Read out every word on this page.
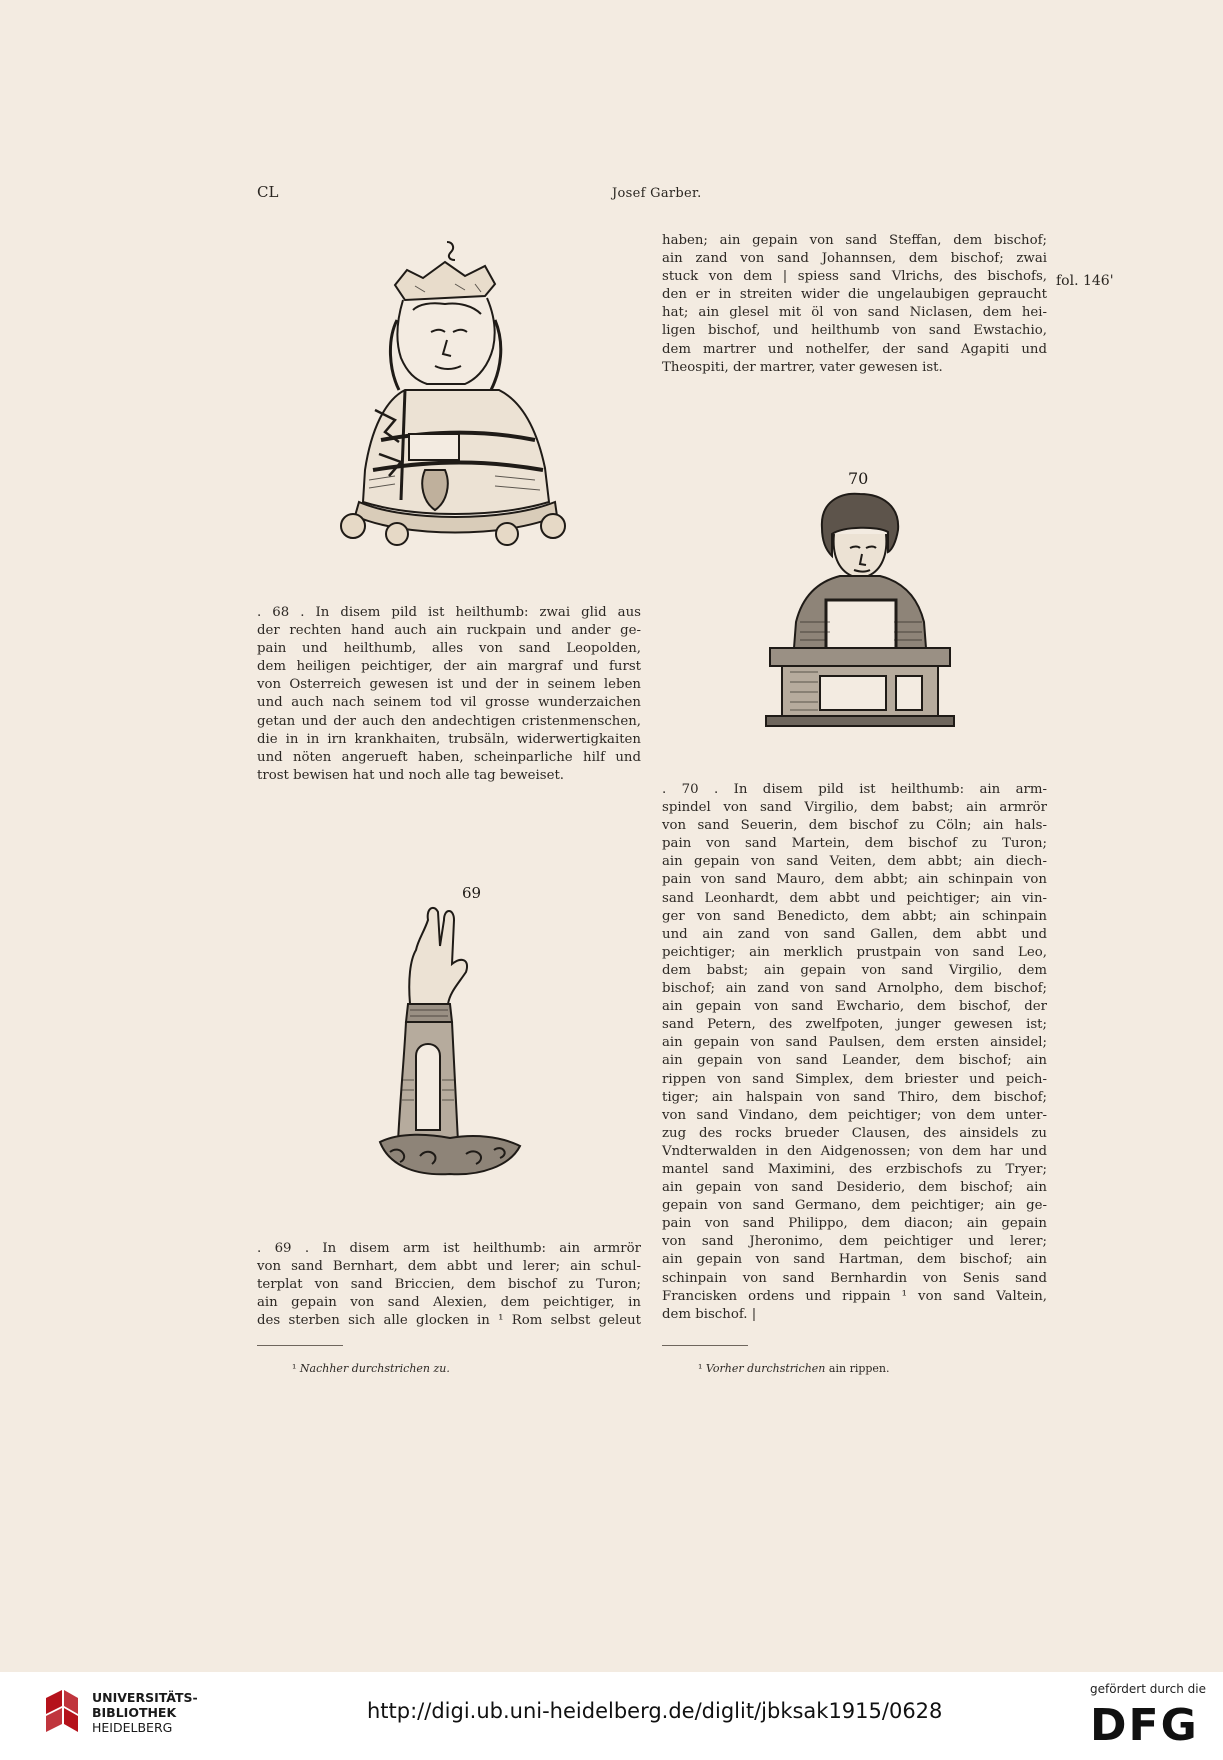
CL	Josef Garber.
fol. 146'
70
69
haben; ain gepain von sand Steffan, dem bischof;
ain zand von sand Johannsen, dem bischof; zwai
stuck von dem | spiess sand Vlrichs, des bischofs,
den er in streiten wider die ungelaubigen gepraucht
hat; ain glesel mit öl von sand Niclasen, dem hei-
ligen bischof, und heilthumb von sand Ewstachio,
dem martrer und nothelfer, der sand Agapiti und
Theospiti, der martrer, vater gewesen ist.
. 68 . In disem pild ist heilthumb: zwai glid aus
der rechten hand auch ain ruckpain und ander ge-
pain und heilthumb, alles von sand Leopolden,
dem heiligen peichtiger, der ain margraf und furst
von Osterreich gewesen ist und der in seinem leben
und auch nach seinem tod vil grosse wunderzaichen
getan und der auch den andechtigen cristenmenschen,
die in in irn krankhaiten, trubsäln, widerwertigkaiten
und nöten angerueft haben, scheinparliche hilf und
trost bewisen hat und noch alle tag beweiset.
. 70 . In disem pild ist heilthumb: ain arm-
spindel von sand Virgilio, dem babst; ain armrör
von sand Seuerin, dem bischof zu Cöln; ain hals-
pain von sand Martein, dem bischof zu Turon;
ain gepain von sand Veiten, dem abbt; ain diech-
pain von sand Mauro, dem abbt; ain schinpain von
sand Leonhardt, dem abbt und peichtiger; ain vin-
ger von sand Benedicto, dem abbt; ain schinpain
und ain zand von sand Gallen, dem abbt und
peichtiger; ain merklich prustpain von sand Leo,
dem babst; ain gepain von sand Virgilio, dem
bischof; ain zand von sand Arnolpho, dem bischof;
ain gepain von sand Ewchario, dem bischof, der
sand Petern, des zwelfpoten, junger gewesen ist;
ain gepain von sand Paulsen, dem ersten ainsidel;
ain gepain von sand Leander, dem bischof; ain
rippen von sand Simplex, dem briester und peich-
tiger; ain halspain von sand Thiro, dem bischof;
von sand Vindano, dem peichtiger; von dem unter-
zug des rocks brueder Clausen, des ainsidels zu
Vndterwalden in den Aidgenossen; von dem har und
mantel sand Maximini, des erzbischofs zu Tryer;
ain gepain von sand Desiderio, dem bischof; ain
gepain von sand Germano, dem peichtiger; ain ge-
pain von sand Philippo, dem diacon; ain gepain
von sand Jheronimo, dem peichtiger und lerer;
ain gepain von sand Hartman, dem bischof; ain
schinpain von sand Bernhardin von Senis sand
Francisken ordens und rippain ¹ von sand Valtein,
dem bischof. |
. 69 . In disem arm ist heilthumb: ain armrör
von sand Bernhart, dem abbt und lerer; ain schul-
terplat von sand Briccien, dem bischof zu Turon;
ain gepain von sand Alexien, dem peichtiger, in
des sterben sich alle glocken in ¹ Rom selbst geleut
¹ Nachher durchstrichen zu.	¹ Vorher durchstrichen ain rippen.
UNIVERSITÄTS-
BIBLIOTHEK
HEIDELBERG
http://digi.ub.uni-heidelberg.de/diglit/jbksak1915/0628
gefördert durch die
DFG
